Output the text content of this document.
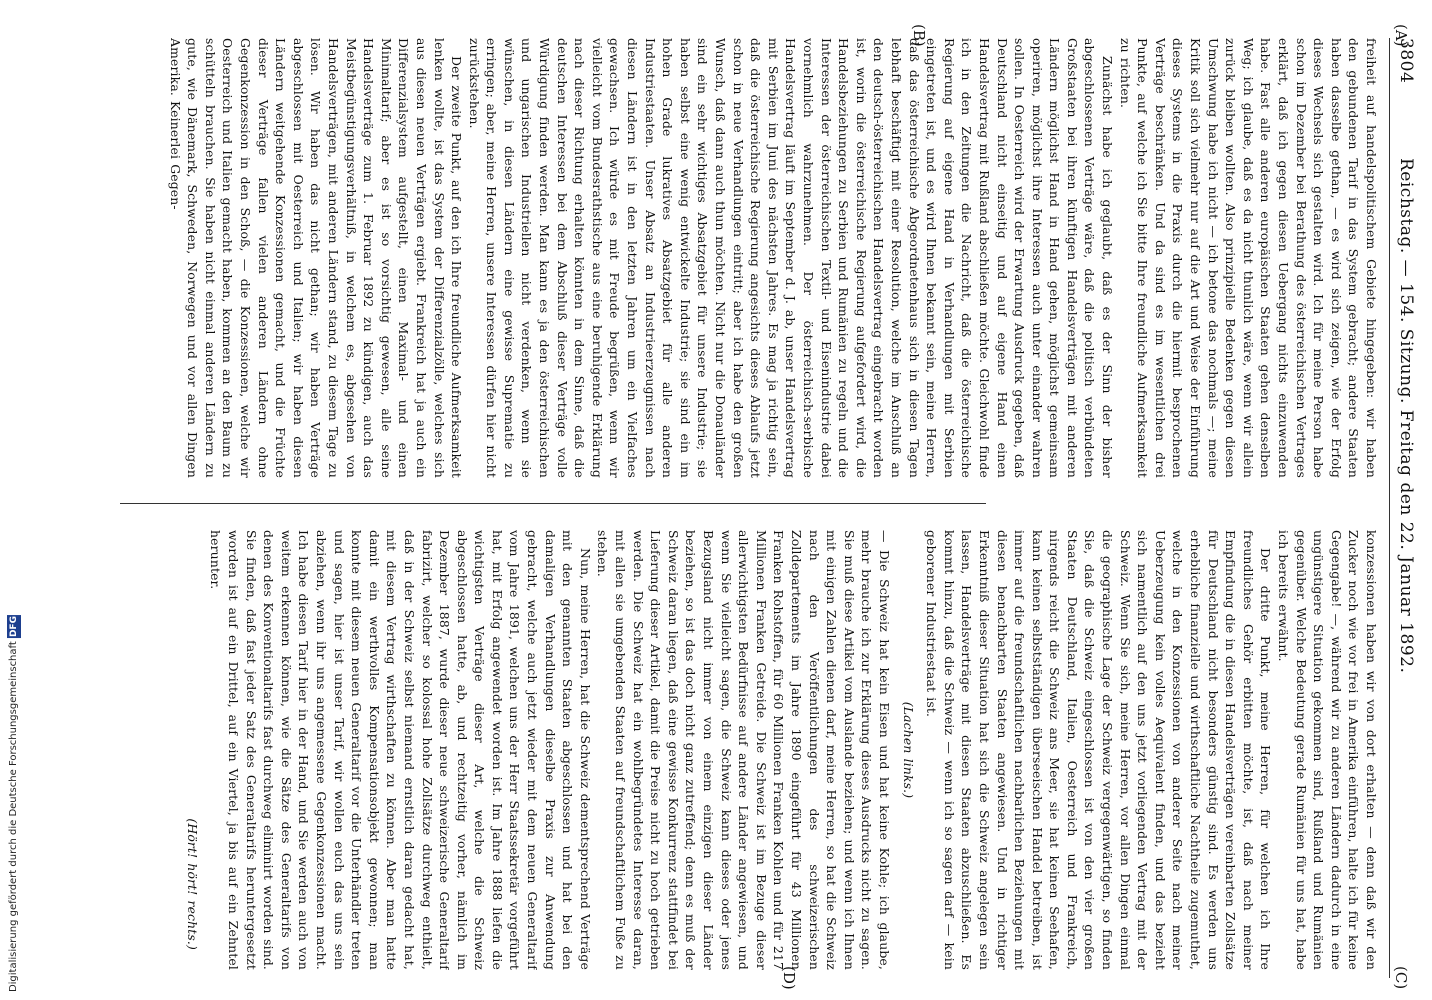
Digitalisierung gefördert durch die Deutsche Forschungsgemeinschaft DFG
3804
Reichstag. — 154. Sitzung. Freitag den 22. Januar 1892.
(A)
(B)
(C)
(D)

freiheit auf handelspolitischem Gebiete hingegeben: wir haben den gebundenen Tarif in das System gebracht; andere Staaten haben dasselbe gethan, — es wird sich zeigen, wie der Erfolg dieses Wechsels sich gestalten wird. Ich für meine Person habe schon im Dezember bei Berathung des österreichischen Vertrages erklärt, daß ich gegen diesen Uebergang nichts einzuwenden habe. Fast alle anderen europäischen Staaten gehen denselben Weg; ich glaube, daß es da nicht thunlich wäre, wenn wir allein zurück bleiben wollten. Also prinzipielle Bedenken gegen diesen Umschwung habe ich nicht — ich betone das nochmals —; meine Kritik soll sich vielmehr nur auf die Art und Weise der Einführung dieses Systems in die Praxis durch die hiermit besprochenen Verträge beschränken. Und da sind es im wesentlichen drei Punkte, auf welche ich Sie bitte Ihre freundliche Aufmerksamkeit zu richten.

Zunächst habe ich geglaubt, daß es der Sinn der bisher abgeschlossenen Verträge wäre, daß die politisch verbündeten Großstaaten bei ihren künftigen Handelsverträgen mit anderen Ländern möglichst Hand in Hand gehen, möglichst gemeinsam operiren, möglichst ihre Interessen auch unter einander wahren sollen. In Oesterreich wird der Erwartung Ausdruck gegeben, daß Deutschland nicht einseitig und auf eigene Hand einen Handelsvertrag mit Rußland abschließen möchte. Gleichwohl finde ich in den Zeitungen die Nachricht, daß die österreichische Regierung auf eigene Hand in Verhandlungen mit Serbien eingetreten ist, und es wird Ihnen bekannt sein, meine Herren, daß das österreichische Abgeordnetenhaus sich in diesen Tagen lebhaft beschäftigt mit einer Resolution, welche im Anschluß an den deutsch-österreichischen Handelsvertrag eingebracht worden ist, worin die österreichische Regierung aufgefordert wird, die Handelsbeziehungen zu Serbien und Rumänien zu regeln und die Interessen der österreichischen Textil- und Eisenindustrie dabei vornehmlich wahrzunehmen. Der österreichisch-serbische Handelsvertrag läuft im September d. J. ab, unser Handelsvertrag mit Serbien im Juni des nächsten Jahres. Es mag ja richtig sein, daß die österreichische Regierung angesichts dieses Ablaufs jetzt schon in neue Verhandlungen eintritt; aber ich habe den großen Wunsch, daß dann auch thun möchten. Nicht nur die Donauländer sind ein sehr wichtiges Absatzgebiet für unsere Industrie; sie haben selbst eine wenig entwickelte Industrie; sie sind ein im hohen Grade lukratives Absatzgebiet für alle anderen Industriestaaten. Unser Absatz an Industrieerzeugnissen nach diesen Ländern ist in den letzten Jahren um ein Vielfaches gewachsen. Ich würde es mit Freude begrüßen, wenn wir vielleicht vom Bundesrathstische aus eine beruhigende Erklärung nach dieser Richtung erhalten könnten in dem Sinne, daß die deutschen Interessen bei dem Abschluß dieser Verträge volle Würdigung finden werden. Man kann es ja den österreichischen und ungarischen Industriellen nicht verdenken, wenn sie wünschen, in diesen Ländern eine gewisse Suprematie zu erringen; aber, meine Herren, unsere Interessen dürfen hier nicht zurückstehen.

Der zweite Punkt, auf den ich Ihre freundliche Aufmerksamkeit lenken wollte, ist das System der Differenzialzölle, welches sich aus diesen neuen Verträgen ergiebt. Frankreich hat ja auch ein Differenzialsystem aufgestellt, einen Maximal- und einen Minimaltarif; aber es ist so vorsichtig gewesen, alle seine Handelsverträge zum 1. Februar 1892 zu kündigen, auch das Meistbegünstigungsverhältniß, in welchem es, abgesehen von Handelsverträgen, mit anderen Ländern stand, zu diesem Tage zu lösen. Wir haben das nicht gethan; wir haben Verträge abgeschlossen mit Oesterreich und Italien; wir haben diesen Ländern weitgehende Konzessionen gemacht, und die Früchte dieser Verträge fallen vielen anderen Ländern ohne Gegenkonzession in den Schoß, — die Konzessionen, welche wir Oesterreich und Italien gemacht haben, kommen an den Baum zu schütteln brauchen. Sie haben nicht einmal anderen Ländern zu gute, wie Dänemark, Schweden, Norwegen und vor allen Dingen Amerika. Keinerlei Gegen-

konzessionen haben wir von dort erhalten — denn daß wir den Zucker noch wie vor frei in Amerika einführen, halte ich für keine Gegengabe! —, während wir zu anderen Ländern dadurch in eine ungünstigere Situation gekommen sind, Rußland und Rumänien gegenüber. Welche Bedeutung gerade Rumänien für uns hat, habe ich bereits erwähnt.

Der dritte Punkt, meine Herren, für welchen ich Ihre freundliches Gehör erbitten möchte, ist, daß nach meiner Empfindung die in diesen Handelsverträgen vereinbarten Zollsätze für Deutschland nicht besonders günstig sind. Es werden uns erhebliche finanzielle und wirthschaftliche Nachtheile zugemuthet, welche in den Konzessionen von anderer Seite nach meiner Ueberzeugung kein volles Aequivalent finden, und das bezieht sich namentlich auf den uns jetzt vorliegenden Vertrag mit der Schweiz. Wenn Sie sich, meine Herren, vor allen Dingen einmal die geographische Lage der Schweiz vergegenwärtigen, so finden Sie, daß die Schweiz eingeschlossen ist von den vier großen Staaten Deutschland, Italien, Oesterreich und Frankreich, nirgends reicht die Schweiz ans Meer, sie hat keinen Seehafen, kann keinen selbstständigen überseeischen Handel betreiben, ist immer auf die freundschaftlichen nachbarlichen Beziehungen mit diesen benachbarten Staaten angewiesen. Und in richtiger Erkenntniß dieser Situation hat sich die Schweiz angelegen sein lassen, Handelsverträge mit diesen Staaten abzuschließen. Es kommt hinzu, daß die Schweiz — wenn ich so sagen darf — kein geborener Industriestaat ist.

(Lachen links.)

— Die Schweiz hat kein Eisen und hat keine Kohle; ich glaube, mehr brauche ich zur Erklärung dieses Ausdrucks nicht zu sagen. Sie muß diese Artikel vom Auslande beziehen; und wenn ich Ihnen mit einigen Zahlen dienen darf, meine Herren, so hat die Schweiz nach den Veröffentlichungen des schweizerischen Zolldepartements im Jahre 1890 eingeführt für 43 Millionen Franken Rohstoffen, für 60 Millionen Franken Kohlen und für 217 Millionen Franken Getreide. Die Schweiz ist im Bezuge dieser allerwichtigsten Bedürfnisse auf andere Länder angewiesen, und wenn Sie vielleicht sagen, die Schweiz kann dieses oder jenes Bezugsland nicht immer von einem einzigen dieser Länder beziehen, so ist das doch nicht ganz zutreffend; denn es muß der Schweiz daran liegen, daß eine gewisse Konkurrenz stattfindet bei Lieferung dieser Artikel, damit die Preise nicht zu hoch getrieben werden. Die Schweiz hat ein wohlbegründetes Interesse daran, mit allen sie umgebenden Staaten auf freundschaftlichem Fuße zu stehen.

Nun, meine Herren, hat die Schweiz dementsprechend Verträge mit den genannten Staaten abgeschlossen und hat bei den damaligen Verhandlungen dieselbe Praxis zur Anwendung gebracht, welche auch jetzt wieder mit dem neuen Generaltarif vom Jahre 1891, welchen uns der Herr Staatssekretär vorgeführt hat, mit Erfolg angewendet worden ist. Im Jahre 1888 liefen die wichtigsten Verträge dieser Art, welche die Schweiz abgeschlossen hatte, ab, und rechtzeitig vorher, nämlich im Dezember 1887, wurde dieser neue schweizerische Generaltarif fabrizirt, welcher so kolossal hohe Zollsätze durchweg enthielt, daß in der Schweiz selbst niemand ernstlich daran gedacht hat, mit diesem Vertrag wirthschaften zu können. Aber man hatte damit ein werthvolles Kompensationsobjekt gewonnen; man konnte mit diesem neuen Generaltarif vor die Unterhändler treten und sagen, hier ist unser Tarif, wir wollen euch das uns sein abziehen, wenn ihr uns angemessene Gegenkonzessionen macht. Ich habe diesen Tarif hier in der Hand, und Sie werden auch von weitem erkennen können, wie die Sätze des Generaltarifs von denen des Konventionaltarifs fast durchweg eliminirt worden sind. Sie finden, daß fast jeder Satz des Generaltarifs heruntergesetzt worden ist auf ein Drittel, auf ein Viertel, ja bis auf ein Zehntel herunter.

(Hört! hört! rechts.)
